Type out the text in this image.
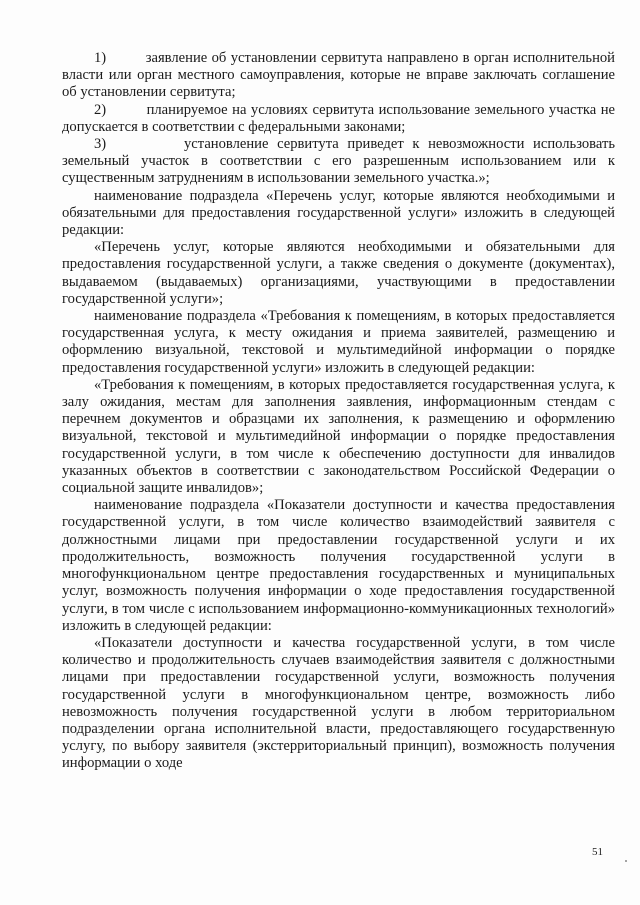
1)         заявление об установлении сервитута направлено в орган исполнительной власти или орган местного самоуправления, которые не вправе заключать соглашение об установлении сервитута;

2)         планируемое на условиях сервитута использование земельного участка не допускается в соответствии с федеральными законами;

3)         установление сервитута приведет к невозможности использовать земельный участок в соответствии с его разрешенным использованием или к существенным затруднениям в использовании земельного участка.»;

наименование подраздела «Перечень услуг, которые являются необходимыми и обязательными для предоставления государственной услуги» изложить в следующей редакции:

«Перечень услуг, которые являются необходимыми и обязательными для предоставления государственной услуги, а также сведения о документе (документах), выдаваемом (выдаваемых) организациями, участвующими в предоставлении государственной услуги»;

наименование подраздела «Требования к помещениям, в которых предоставляется государственная услуга, к месту ожидания и приема заявителей, размещению и оформлению визуальной, текстовой и мультимедийной информации о порядке предоставления государственной услуги» изложить в следующей редакции:

«Требования к помещениям, в которых предоставляется государственная услуга, к залу ожидания, местам для заполнения заявления, информационным стендам с перечнем документов и образцами их заполнения, к размещению и оформлению визуальной, текстовой и мультимедийной информации о порядке предоставления государственной услуги, в том числе к обеспечению доступности для инвалидов указанных объектов в соответствии с законодательством Российской Федерации о социальной защите инвалидов»;

наименование подраздела «Показатели доступности и качества предоставления государственной услуги, в том числе количество взаимодействий заявителя с должностными лицами при предоставлении государственной услуги и их продолжительность, возможность получения государственной услуги в многофункциональном центре предоставления государственных и муниципальных услуг, возможность получения информации о ходе предоставления государственной услуги, в том числе с использованием информационно-коммуникационных технологий» изложить в следующей редакции:

«Показатели доступности и качества государственной услуги, в том числе количество и продолжительность случаев взаимодействия заявителя с должностными лицами при предоставлении государственной услуги, возможность получения государственной услуги в многофункциональном центре, возможность либо невозможность получения государственной услуги в любом территориальном подразделении органа исполнительной власти, предоставляющего государственную услугу, по выбору заявителя (экстерриториальный принцип), возможность получения информации о ходе

51
